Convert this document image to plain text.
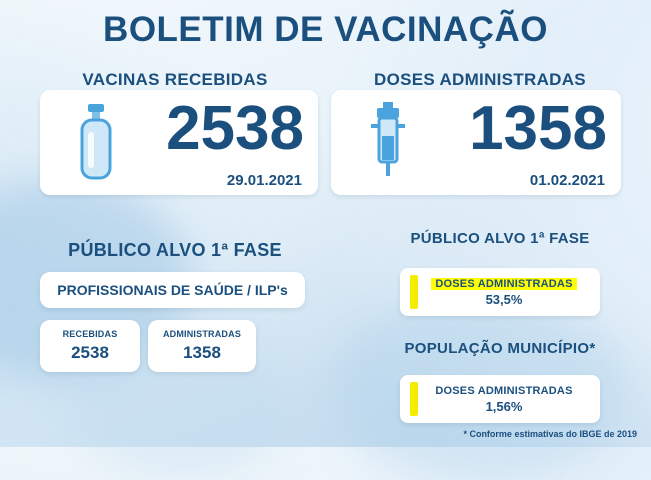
BOLETIM DE VACINAÇÃO
VACINAS RECEBIDAS
2538
29.01.2021
DOSES ADMINISTRADAS
1358
01.02.2021
PÚBLICO ALVO 1ª FASE
PROFISSIONAIS DE SAÚDE / ILP's
RECEBIDAS
2538
ADMINISTRADAS
1358
PÚBLICO ALVO 1ª FASE
DOSES ADMINISTRADAS
53,5%
POPULAÇÃO MUNICÍPIO*
DOSES ADMINISTRADAS
1,56%
* Conforme estimativas do IBGE de 2019
